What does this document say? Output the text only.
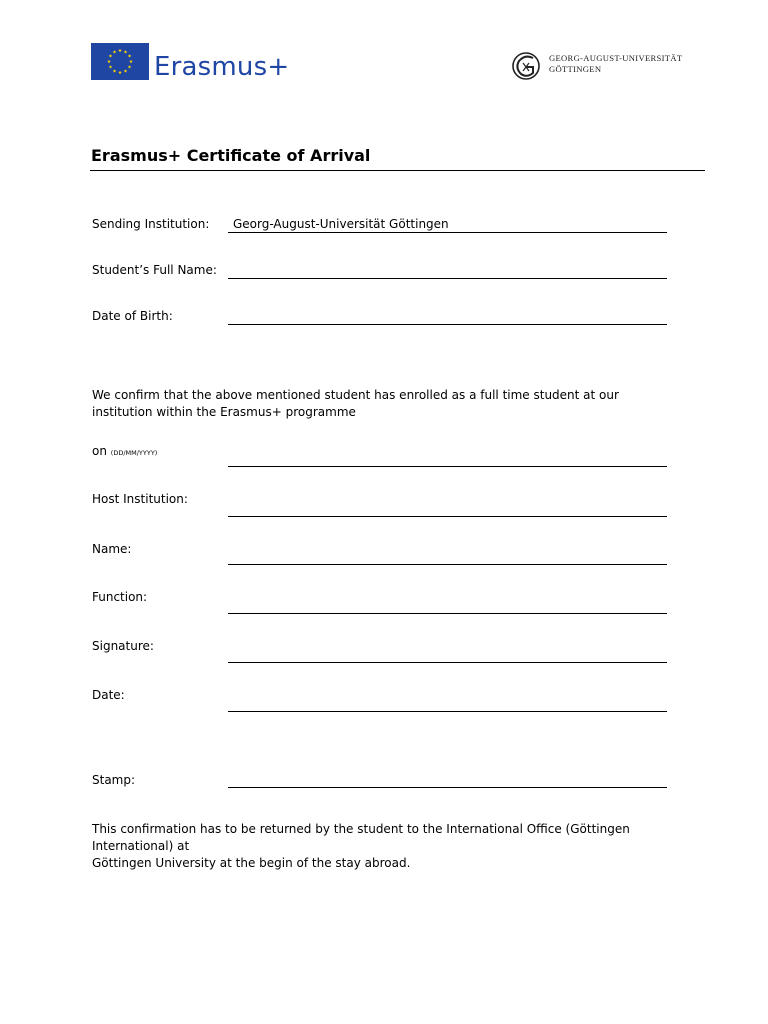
Erasmus+	GEORG-AUGUST-UNIVERSITÄT
GÖTTINGEN
Erasmus+ Certificate of Arrival
Sending Institution: Georg-August-Universität Göttingen
Student’s Full Name:
Date of Birth:
We confirm that the above mentioned student has enrolled as a full time student at our
institution within the Erasmus+ programme
on (DD/MM/YYYY)
Host Institution:
Name:
Function:
Signature:
Date:
Stamp:
This confirmation has to be returned by the student to the International Office (Göttingen International) at
Göttingen University at the begin of the stay abroad.
